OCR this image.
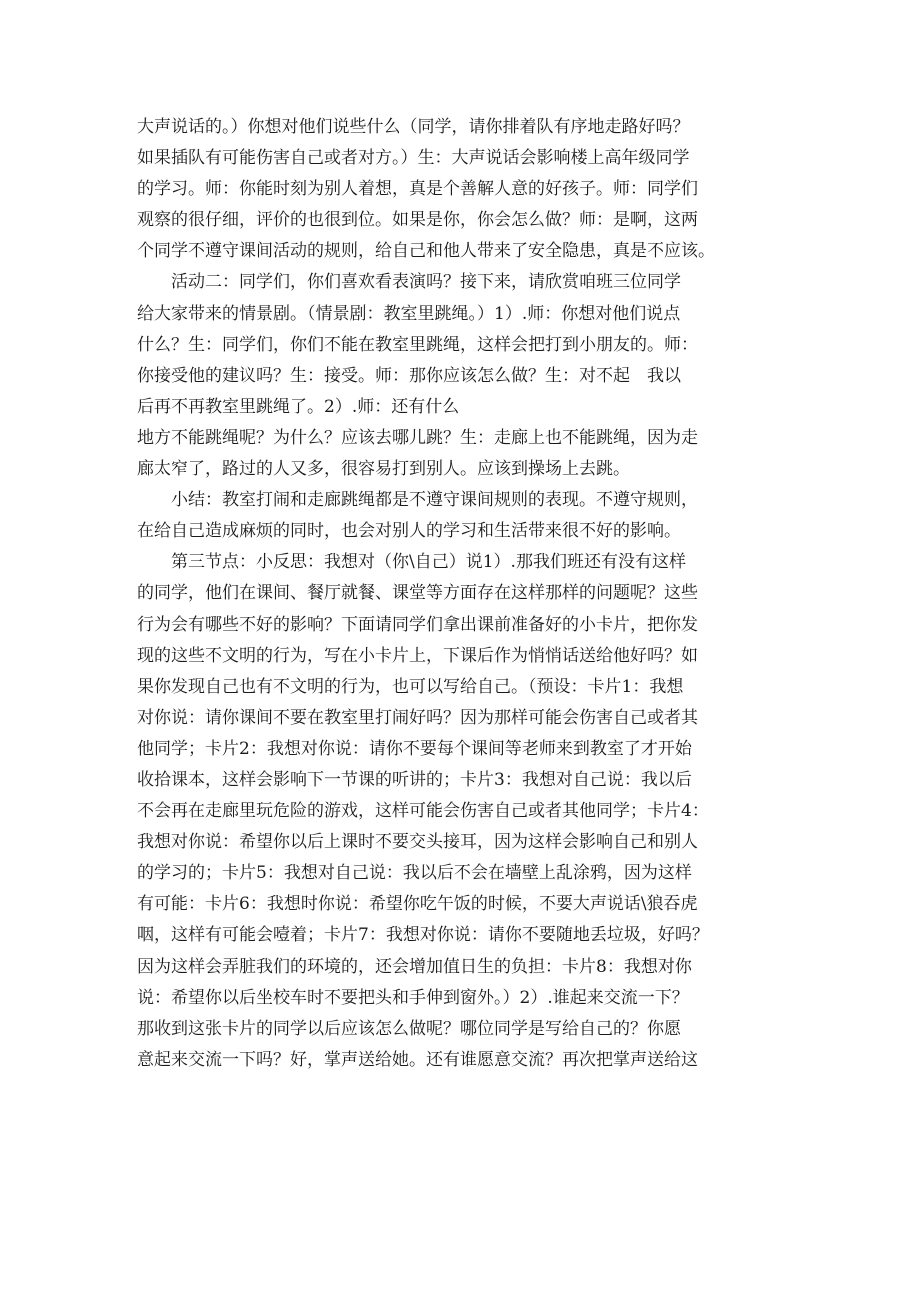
大声说话的。）你想对他们说些什么（同学，请你排着队有序地走路好吗？
如果插队有可能伤害自己或者对方。）生：大声说话会影响楼上高年级同学
的学习。师：你能时刻为别人着想，真是个善解人意的好孩子。师：同学们
观察的很仔细，评价的也很到位。如果是你，你会怎么做？师：是啊，这两
个同学不遵守课间活动的规则，给自己和他人带来了安全隐患，真是不应该。

活动二：同学们，你们喜欢看表演吗？接下来，请欣赏咱班三位同学
给大家带来的情景剧。（情景剧：教室里跳绳。）1）.师：你想对他们说点
什么？生：同学们，你们不能在教室里跳绳，这样会把打到小朋友的。师：
你接受他的建议吗？生：接受。师：那你应该怎么做？生：对不起　我以
后再不再教室里跳绳了。2）.师：还有什么

地方不能跳绳呢？为什么？应该去哪儿跳？生：走廊上也不能跳绳，因为走
廊太窄了，路过的人又多，很容易打到别人。应该到操场上去跳。

小结：教室打闹和走廊跳绳都是不遵守课间规则的表现。不遵守规则，
在给自己造成麻烦的同时，也会对别人的学习和生活带来很不好的影响。

第三节点：小反思：我想对（你\自己）说1）.那我们班还有没有这样
的同学，他们在课间、餐厅就餐、课堂等方面存在这样那样的问题呢？这些
行为会有哪些不好的影响？下面请同学们拿出课前准备好的小卡片，把你发
现的这些不文明的行为，写在小卡片上，下课后作为悄悄话送给他好吗？如
果你发现自己也有不文明的行为，也可以写给自己。（预设：卡片1：我想
对你说：请你课间不要在教室里打闹好吗？因为那样可能会伤害自己或者其
他同学；卡片2：我想对你说：请你不要每个课间等老师来到教室了才开始
收拾课本，这样会影响下一节课的听讲的；卡片3：我想对自己说：我以后
不会再在走廊里玩危险的游戏，这样可能会伤害自己或者其他同学；卡片4：
我想对你说：希望你以后上课时不要交头接耳，因为这样会影响自己和别人
的学习的；卡片5：我想对自己说：我以后不会在墙壁上乱涂鸦，因为这样
有可能：卡片6：我想时你说：希望你吃午饭的时候，不要大声说话\狼吞虎
咽，这样有可能会噎着；卡片7：我想对你说：请你不要随地丢垃圾，好吗？
因为这样会弄脏我们的环境的，还会增加值日生的负担：卡片8：我想对你
说：希望你以后坐校车时不要把头和手伸到窗外。）2）.谁起来交流一下？
那收到这张卡片的同学以后应该怎么做呢？哪位同学是写给自己的？你愿
意起来交流一下吗？好，掌声送给她。还有谁愿意交流？再次把掌声送给这
